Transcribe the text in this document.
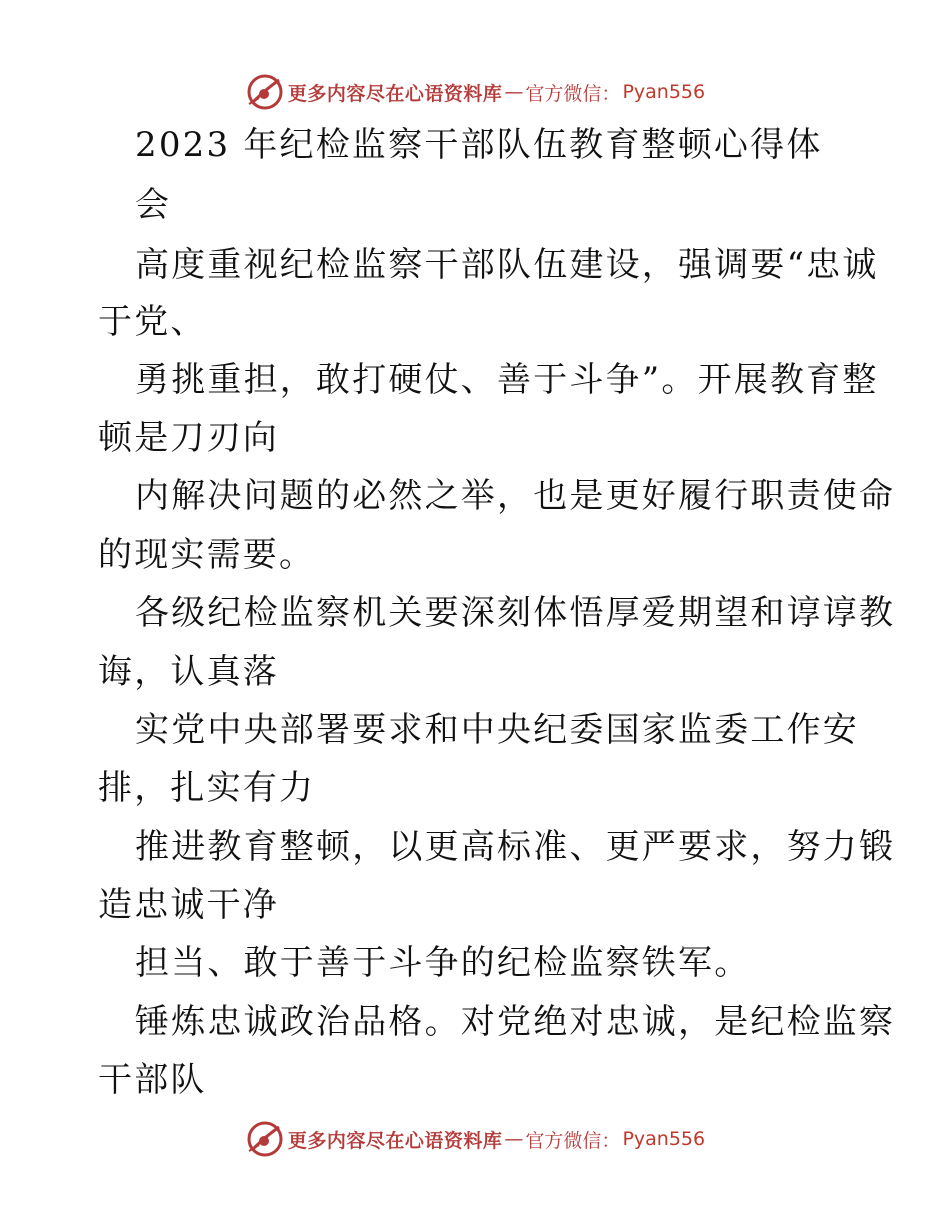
更多内容尽在心语资料库 — 官方微信： Pyan556
2023 年纪检监察干部队伍教育整顿心得体
会
高度重视纪检监察干部队伍建设，强调要“忠诚
于党、
勇挑重担，敢打硬仗、善于斗争”。开展教育整
顿是刀刃向
内解决问题的必然之举，也是更好履行职责使命
的现实需要。
各级纪检监察机关要深刻体悟厚爱期望和谆谆教
诲，认真落
实党中央部署要求和中央纪委国家监委工作安
排，扎实有力
推进教育整顿，以更高标准、更严要求，努力锻
造忠诚干净
担当、敢于善于斗争的纪检监察铁军。
锤炼忠诚政治品格。对党绝对忠诚，是纪检监察
干部队
更多内容尽在心语资料库 — 官方微信： Pyan556
